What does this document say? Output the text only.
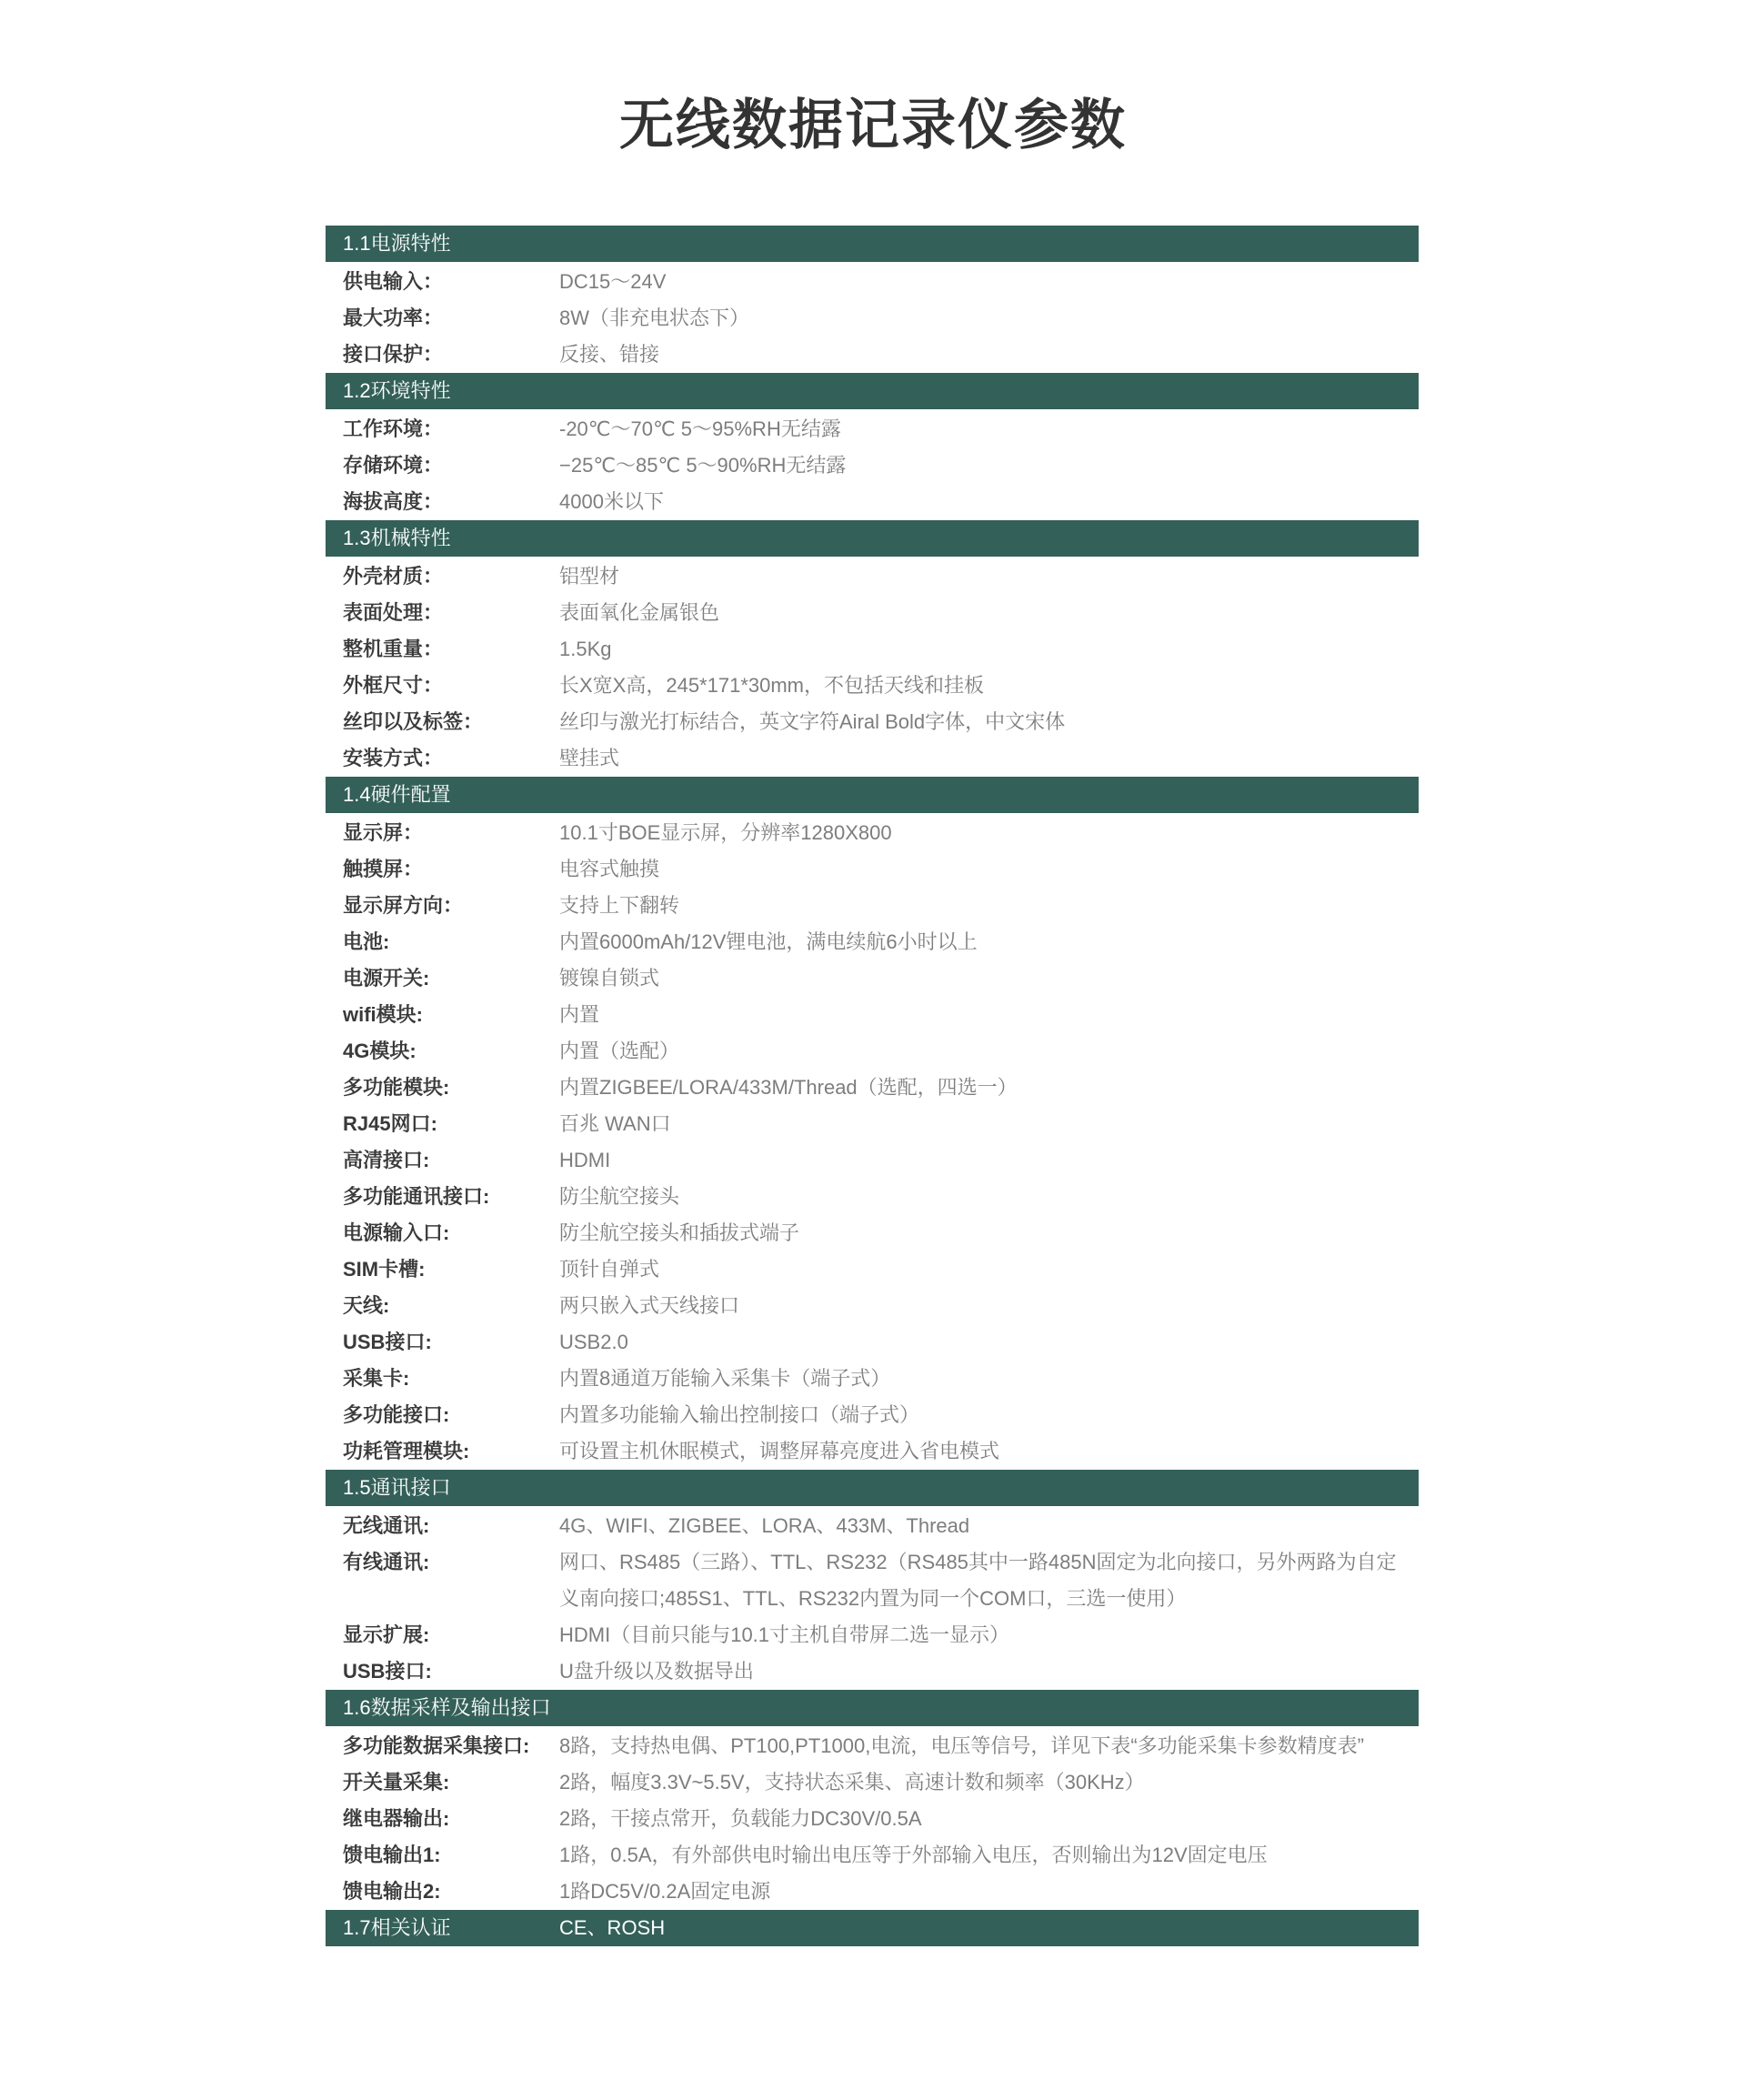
无线数据记录仪参数
1.1电源特性
供电输入：	DC15～24V
最大功率：	8W（非充电状态下）
接口保护：	反接、错接
1.2环境特性
工作环境：	-20℃～70℃ 5～95%RH无结露
存储环境：	−25℃～85℃ 5～90%RH无结露
海拔高度：	4000米以下
1.3机械特性
外壳材质：	铝型材
表面处理：	表面氧化金属银色
整机重量：	1.5Kg
外框尺寸：	长X宽X高，245*171*30mm，不包括天线和挂板
丝印以及标签：	丝印与激光打标结合，英文字符Airal Bold字体，中文宋体
安装方式：	壁挂式
1.4硬件配置
显示屏：	10.1寸BOE显示屏，分辨率1280X800
触摸屏：	电容式触摸
显示屏方向：	支持上下翻转
电池:	内置6000mAh/12V锂电池，满电续航6小时以上
电源开关:	镀镍自锁式
wifi模块:	内置
4G模块:	内置（选配）
多功能模块:	内置ZIGBEE/LORA/433M/Thread（选配，四选一）
RJ45网口:	百兆 WAN口
高清接口:	HDMI
多功能通讯接口:	防尘航空接头
电源输入口:	防尘航空接头和插拔式端子
SIM卡槽:	顶针自弹式
天线:	两只嵌入式天线接口
USB接口:	USB2.0
采集卡:	内置8通道万能输入采集卡（端子式）
多功能接口:	内置多功能输入输出控制接口（端子式）
功耗管理模块:	可设置主机休眠模式，调整屏幕亮度进入省电模式
1.5通讯接口
无线通讯:	4G、WIFI、ZIGBEE、LORA、433M、Thread
有线通讯:	网口、RS485（三路）、TTL、RS232（RS485其中一路485N固定为北向接口，另外两路为自定义南向接口;485S1、TTL、RS232内置为同一个COM口，三选一使用）
显示扩展:	HDMI（目前只能与10.1寸主机自带屏二选一显示）
USB接口:	U盘升级以及数据导出
1.6数据采样及输出接口
多功能数据采集接口:	8路，支持热电偶、PT100,PT1000,电流，电压等信号，详见下表“多功能采集卡参数精度表”
开关量采集:	2路，幅度3.3V~5.5V，支持状态采集、高速计数和频率（30KHz）
继电器输出:	2路，干接点常开，负载能力DC30V/0.5A
馈电输出1:	1路，0.5A，有外部供电时输出电压等于外部输入电压，否则输出为12V固定电压
馈电输出2:	1路DC5V/0.2A固定电源
1.7相关认证	CE、ROSH
